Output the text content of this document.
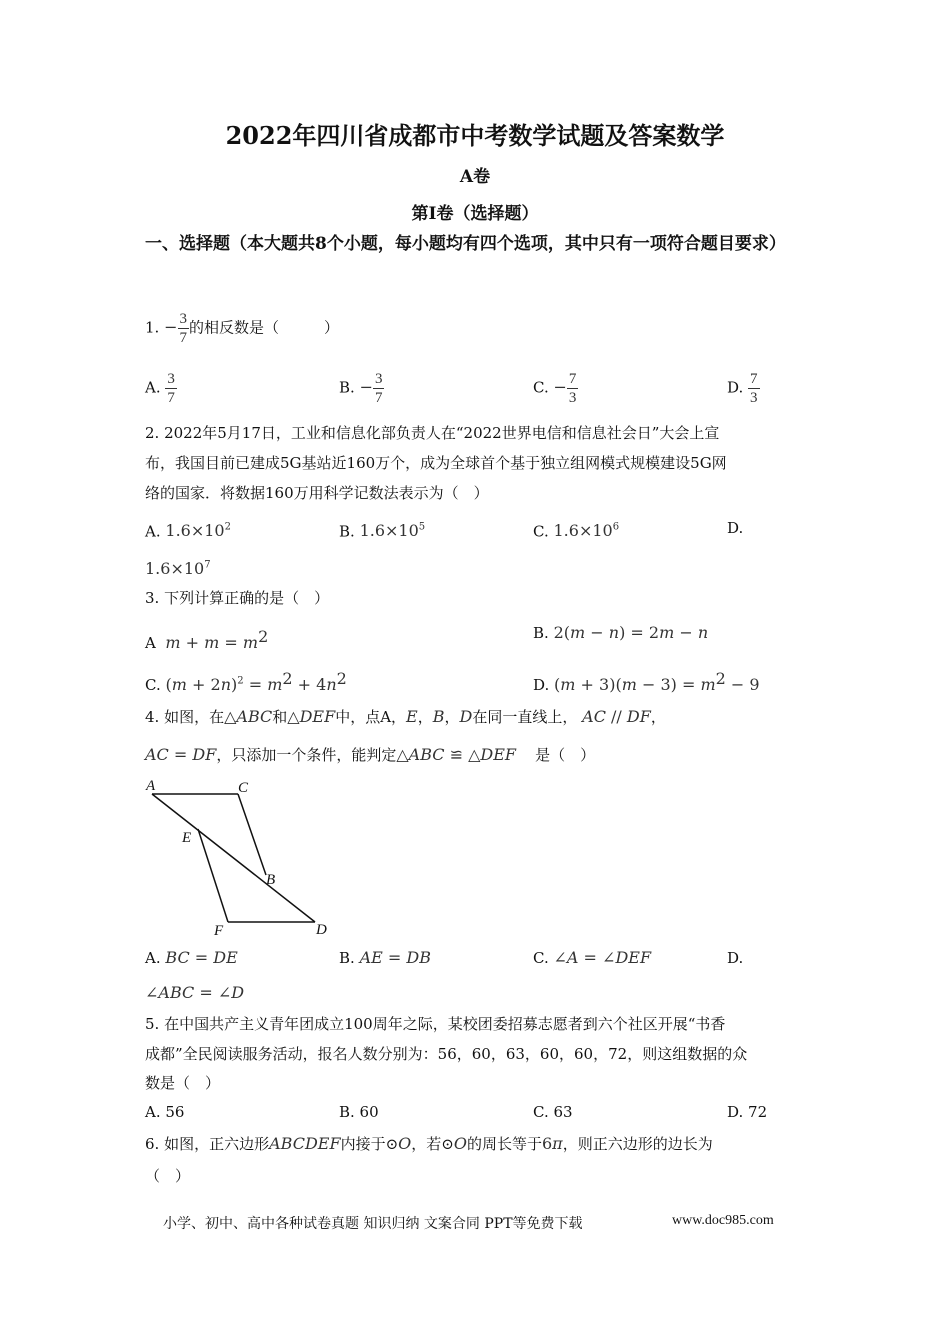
2022年四川省成都市中考数学试题及答案数学
A卷
第Ⅰ卷（选择题）
一、选择题（本大题共8个小题，每小题均有四个选项，其中只有一项符合题目要求）
1. − $\frac{3}{7}$ 的相反数是（　　　）
A. $\frac{3}{7}$	B. − $\frac{3}{7}$	C. − $\frac{7}{3}$	D. $\frac{7}{3}$
2. 2022年5月17日，工业和信息化部负责人在“2022世界电信和信息社会日”大会上宣
布，我国目前已建成5G基站近160万个，成为全球首个基于独立组网模式规模建设5G网
络的国家．将数据160万用科学记数法表示为（　）
A. $1.6\times 10^2$	B. $1.6\times 10^5$	C. $1.6\times 10^6$	D.
$1.6\times 10^7$
3. 下列计算正确的是（　）
A $m + m = m^2$	B. 2(m − n) = 2m − n
C. $(m + 2n)^2 = m^2 + 4n^2$	D. $(m + 3)(m - 3) = m^2 - 9$
4. 如图，在△ABC和△DEF中，点A，E，B，D在同一直线上， AC // DF，
AC = DF，只添加一个条件，能判定△ABC ≌ △DEF 是（　）
A	C
E
B
F	D
A. BC = DE	B. AE = DB	C. ∠A = ∠DEF	D.
∠ABC = ∠D
5. 在中国共产主义青年团成立100周年之际，某校团委招募志愿者到六个社区开展“书香
成都”全民阅读服务活动，报名人数分别为：56，60，63，60，60，72，则这组数据的众
数是（　）
A. 56	B. 60	C. 63	D. 72
6. 如图，正六边形ABCDEF内接于⊙O，若⊙O的周长等于6π，则正六边形的边长为
（　）
小学、初中、高中各种试卷真题 知识归纳 文案合同 PPT等免费下载	www.doc985.com
